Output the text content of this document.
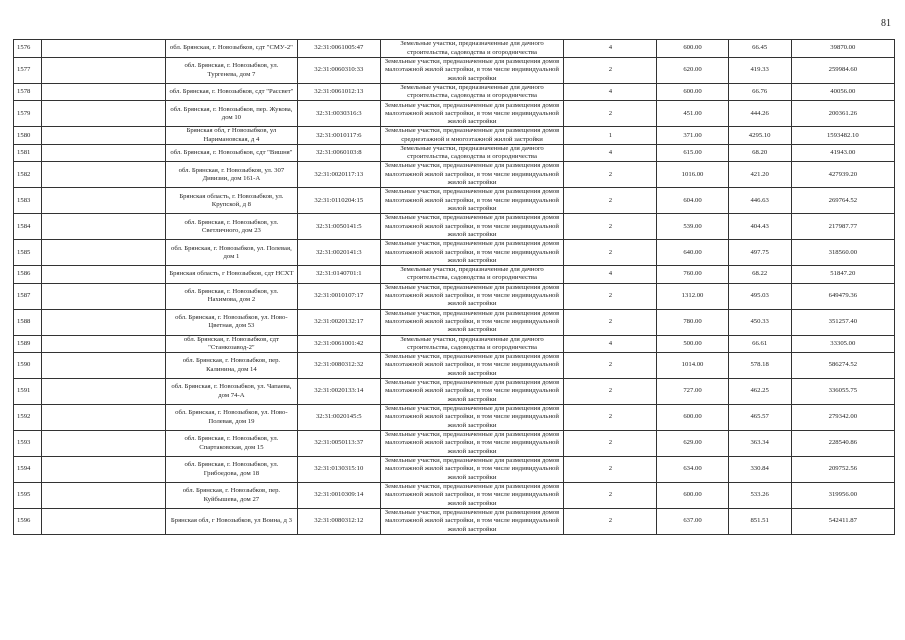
81
1576		обл. Брянская, г. Новозыбков, сдт "СМУ-2"	32:31:0061005:47	Земельные участки, предназначенные для дачного строительства, садоводства и огородничества	4	600.00	66.45	39870.00
1577		обл. Брянская, г. Новозыбков, ул. Тургенева, дом 7	32:31:0060310:33	Земельные участки, предназначенные для размещения домов малоэтажной жилой застройки, в том числе индивидуальной жилой застройки	2	620.00	419.33	259984.60
1578		обл. Брянская, г. Новозыбков, сдт "Рассвет"	32:31:0061012:13	Земельные участки, предназначенные для дачного строительства, садоводства и огородничества	4	600.00	66.76	40056.00
1579		обл. Брянская, г. Новозыбков, пер. Жукова, дом 10	32:31:0030316:3	Земельные участки, предназначенные для размещения домов малоэтажной жилой застройки, в том числе индивидуальной жилой застройки	2	451.00	444.26	200361.26
1580		Брянская обл, г Новозыбков, ул Наримановская, д 4	32:31:0010117:6	Земельные участки, предназначенные для размещения домов среднеэтажной и многоэтажной жилой застройки	1	371.00	4295.10	1593482.10
1581		обл. Брянская, г. Новозыбков, сдт "Вишня"	32:31:0060103:8	Земельные участки, предназначенные для дачного строительства, садоводства и огородничества	4	615.00	68.20	41943.00
1582		обл. Брянская, г. Новозыбков, ул. 307 Дивизии, дом 161-А	32:31:0020117:13	Земельные участки, предназначенные для размещения домов малоэтажной жилой застройки, в том числе индивидуальной жилой застройки	2	1016.00	421.20	427939.20
1583		Брянская область, г. Новозыбков, ул. Крупской, д 8	32:31:0110204:15	Земельные участки, предназначенные для размещения домов малоэтажной жилой застройки, в том числе индивидуальной жилой застройки	2	604.00	446.63	269764.52
1584		обл. Брянская, г. Новозыбков, ул. Светличного, дом 23	32:31:0050141:5	Земельные участки, предназначенные для размещения домов малоэтажной жилой застройки, в том числе индивидуальной жилой застройки	2	539.00	404.43	217987.77
1585		обл. Брянская, г. Новозыбков, ул. Полевая, дом 1	32:31:0020141:3	Земельные участки, предназначенные для размещения домов малоэтажной жилой застройки, в том числе индивидуальной жилой застройки	2	640.00	497.75	318560.00
1586		Брянская область, г Новозыбков, сдт НСХТ	32:31:0140701:1	Земельные участки, предназначенные для дачного строительства, садоводства и огородничества	4	760.00	68.22	51847.20
1587		обл. Брянская, г. Новозыбков, ул. Нахимова, дом 2	32:31:0010107:17	Земельные участки, предназначенные для размещения домов малоэтажной жилой застройки, в том числе индивидуальной жилой застройки	2	1312.00	495.03	649479.36
1588		обл. Брянская, г. Новозыбков, ул. Ново-Цветная, дом 53	32:31:0020132:17	Земельные участки, предназначенные для размещения домов малоэтажной жилой застройки, в том числе индивидуальной жилой застройки	2	780.00	450.33	351257.40
1589		обл. Брянская, г. Новозыбков, сдт "Станкозавод-2"	32:31:0061001:42	Земельные участки, предназначенные для дачного строительства, садоводства и огородничества	4	500.00	66.61	33305.00
1590		обл. Брянская, г. Новозыбков, пер. Калинина, дом 14	32:31:0080312:32	Земельные участки, предназначенные для размещения домов малоэтажной жилой застройки, в том числе индивидуальной жилой застройки	2	1014.00	578.18	586274.52
1591		обл. Брянская, г. Новозыбков, ул. Чапаева, дом 74-А	32:31:0020133:14	Земельные участки, предназначенные для размещения домов малоэтажной жилой застройки, в том числе индивидуальной жилой застройки	2	727.00	462.25	336055.75
1592		обл. Брянская, г. Новозыбков, ул. Ново-Полевая, дом 19	32:31:0020145:5	Земельные участки, предназначенные для размещения домов малоэтажной жилой застройки, в том числе индивидуальной жилой застройки	2	600.00	465.57	279342.00
1593		обл. Брянская, г. Новозыбков, ул. Спартаковская, дом 15	32:31:0050113:37	Земельные участки, предназначенные для размещения домов малоэтажной жилой застройки, в том числе индивидуальной жилой застройки	2	629.00	363.34	228540.86
1594		обл. Брянская, г. Новозыбков, ул. Грибоедова, дом 18	32:31:0130315:10	Земельные участки, предназначенные для размещения домов малоэтажной жилой застройки, в том числе индивидуальной жилой застройки	2	634.00	330.84	209752.56
1595		обл. Брянская, г. Новозыбков, пер. Куйбышева, дом 27	32:31:0010309:14	Земельные участки, предназначенные для размещения домов малоэтажной жилой застройки, в том числе индивидуальной жилой застройки	2	600.00	533.26	319956.00
1596		Брянская обл, г Новозыбков, ул Воина, д 3	32:31:0080312:12	Земельные участки, предназначенные для размещения домов малоэтажной жилой застройки, в том числе индивидуальной жилой застройки	2	637.00	851.51	542411.87
